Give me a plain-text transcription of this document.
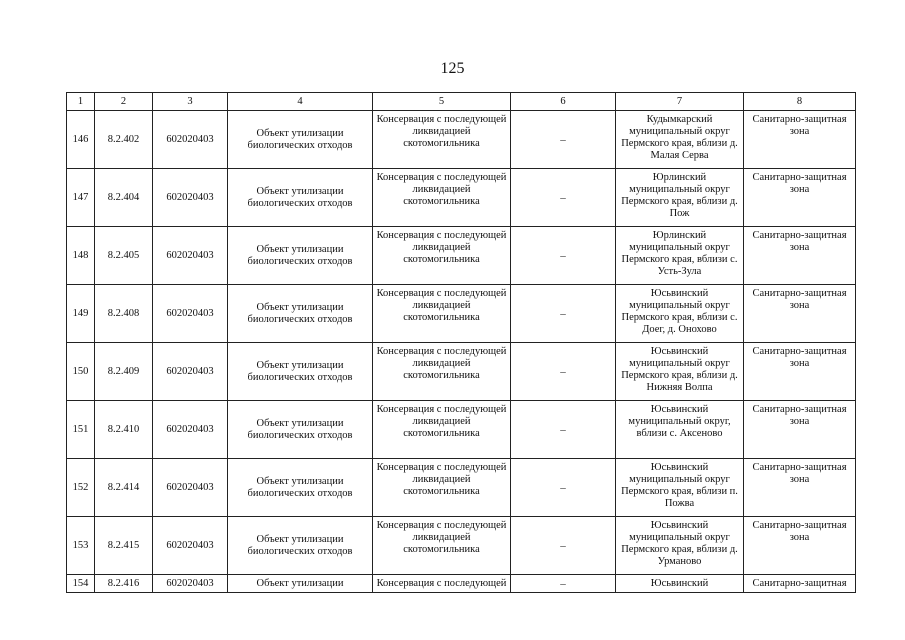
125
1	2	3	4	5	6	7	8
146	8.2.402	602020403	Объект утилизации биологических отходов	Консервация с последующей ликвидацией скотомогильника	–	Кудымкарский муниципальный округ Пермского края, вблизи д. Малая Серва	Санитарно-защитная зона
147	8.2.404	602020403	Объект утилизации биологических отходов	Консервация с последующей ликвидацией скотомогильника	–	Юрлинский муниципальный округ Пермского края, вблизи д. Пож	Санитарно-защитная зона
148	8.2.405	602020403	Объект утилизации биологических отходов	Консервация с последующей ликвидацией скотомогильника	–	Юрлинский муниципальный округ Пермского края, вблизи с. Усть-Зула	Санитарно-защитная зона
149	8.2.408	602020403	Объект утилизации биологических отходов	Консервация с последующей ликвидацией скотомогильника	–	Юсьвинский муниципальный округ Пермского края, вблизи с. Доег, д. Онохово	Санитарно-защитная зона
150	8.2.409	602020403	Объект утилизации биологических отходов	Консервация с последующей ликвидацией скотомогильника	–	Юсьвинский муниципальный округ Пермского края, вблизи д. Нижняя Волпа	Санитарно-защитная зона
151	8.2.410	602020403	Объект утилизации биологических отходов	Консервация с последующей ликвидацией скотомогильника	–	Юсьвинский муниципальный округ, вблизи с. Аксеново	Санитарно-защитная зона
152	8.2.414	602020403	Объект утилизации биологических отходов	Консервация с последующей ликвидацией скотомогильника	–	Юсьвинский муниципальный округ Пермского края, вблизи п. Пожва	Санитарно-защитная зона
153	8.2.415	602020403	Объект утилизации биологических отходов	Консервация с последующей ликвидацией скотомогильника	–	Юсьвинский муниципальный округ Пермского края, вблизи д. Урманово	Санитарно-защитная зона
154	8.2.416	602020403	Объект утилизации	Консервация с последующей	–	Юсьвинский	Санитарно-защитная
